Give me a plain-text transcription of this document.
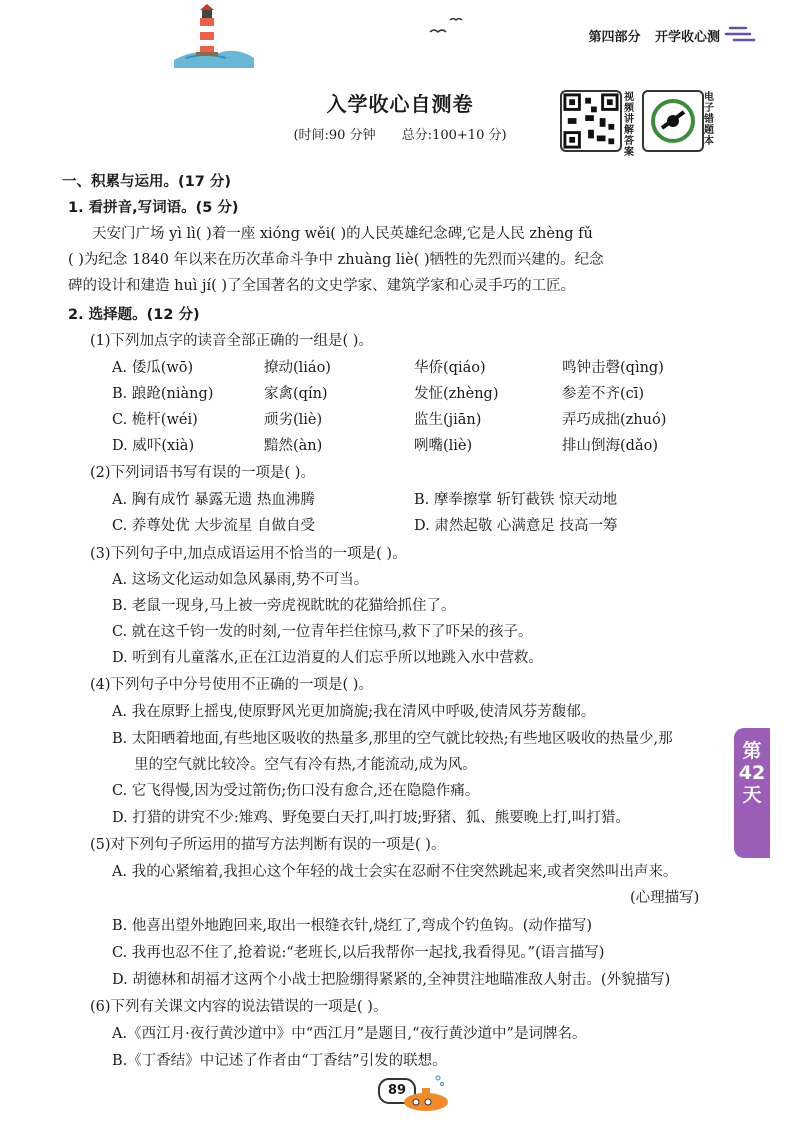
第四部分 开学收心测
入学收心自测卷
(时间:90 分钟 总分:100+10 分)
视频讲解答案
电子错题本
一、积累与运用。(17 分)
1. 看拼音,写词语。(5 分)
天安门广场 yì lì( )着一座 xióng wěi( )的人民英雄纪念碑,它是人民 zhèng fǔ
( )为纪念 1840 年以来在历次革命斗争中 zhuàng liè( )牺牲的先烈而兴建的。纪念
碑的设计和建造 huì jí( )了全国著名的文史学家、建筑学家和心灵手巧的工匠。
2. 选择题。(12 分)
(1)下列加点字的读音全部正确的一组是( )。
A. 倭瓜(wō)	撩动(liáo)	华侨(qiáo)	鸣钟击磬(qìng)
B. 踉跄(niàng)	家禽(qín)	发怔(zhèng)	参差不齐(cī)
C. 桅杆(wéi)	顽劣(liè)	监生(jiān)	弄巧成拙(zhuó)
D. 威吓(xià)	黯然(àn)	咧嘴(liè)	排山倒海(dǎo)
(2)下列词语书写有误的一项是( )。
A. 胸有成竹 暴露无遗 热血沸腾	B. 摩拳擦掌 斩钉截铁 惊天动地
C. 养尊处优 大步流星 自做自受	D. 肃然起敬 心满意足 技高一筹
(3)下列句子中,加点成语运用不恰当的一项是( )。
A. 这场文化运动如急风暴雨,势不可当。
B. 老鼠一现身,马上被一旁虎视眈眈的花猫给抓住了。
C. 就在这千钧一发的时刻,一位青年拦住惊马,救下了吓呆的孩子。
D. 听到有儿童落水,正在江边消夏的人们忘乎所以地跳入水中营救。
(4)下列句子中分号使用不正确的一项是( )。
A. 我在原野上摇曳,使原野风光更加旖旎;我在清风中呼吸,使清风芬芳馥郁。
B. 太阳晒着地面,有些地区吸收的热量多,那里的空气就比较热;有些地区吸收的热量少,那
里的空气就比较冷。空气有冷有热,才能流动,成为风。
C. 它飞得慢,因为受过箭伤;伤口没有愈合,还在隐隐作痛。
D. 打猎的讲究不少:雉鸡、野兔要白天打,叫打坡;野猪、狐、熊要晚上打,叫打猎。
(5)对下列句子所运用的描写方法判断有误的一项是( )。
A. 我的心紧缩着,我担心这个年轻的战士会实在忍耐不住突然跳起来,或者突然叫出声来。
(心理描写)
B. 他喜出望外地跑回来,取出一根缝衣针,烧红了,弯成个钓鱼钩。(动作描写)
C. 我再也忍不住了,抢着说:“老班长,以后我帮你一起找,我看得见。”(语言描写)
D. 胡德林和胡福才这两个小战士把脸绷得紧紧的,全神贯注地瞄准敌人射击。(外貌描写)
(6)下列有关课文内容的说法错误的一项是( )。
A.《西江月·夜行黄沙道中》中“西江月”是题目,“夜行黄沙道中”是词牌名。
B.《丁香结》中记述了作者由“丁香结”引发的联想。
第
42
天
89
